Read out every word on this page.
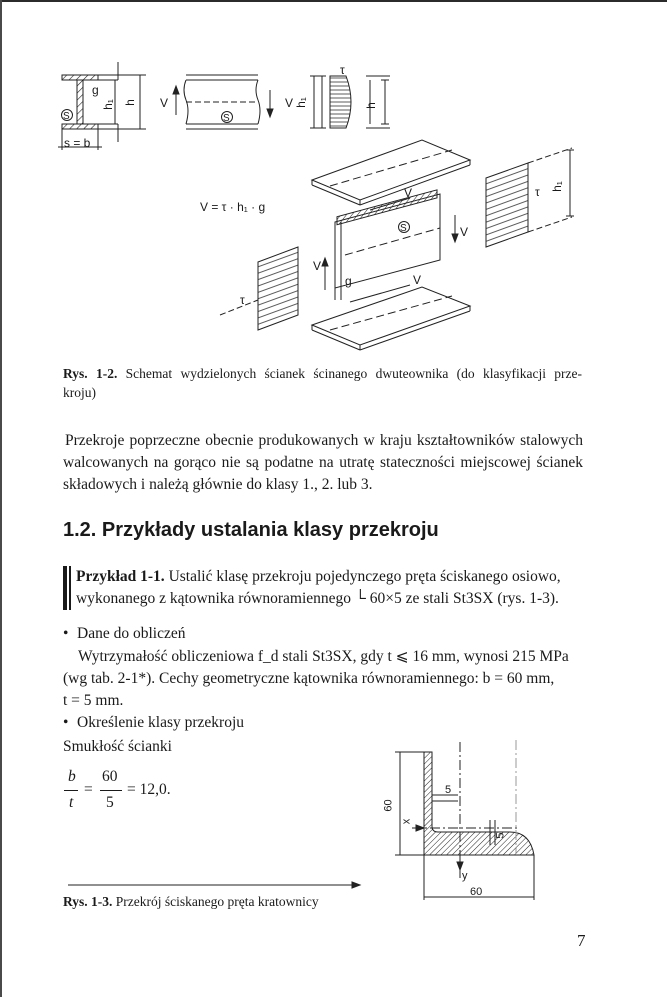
g
h₁ h
S
s = b
V
S
V h₁
τ
h
V = τ · h₁ · g
V
S	V
V
g	V
τ h₁
τ
Rys. 1-2. Schemat wydzielonych ścianek ścinanego dwuteownika (do klasyfikacji prze-
kroju)
Przekroje poprzeczne obecnie produkowanych w kraju kształtowników stalowych walcowanych na gorąco nie są podatne na utratę stateczności miejscowej ścianek składowych i należą głównie do klasy 1., 2. lub 3.
1.2. Przykłady ustalania klasy przekroju
Przykład 1-1. Ustalić klasę przekroju pojedynczego pręta ściskanego osiowo,
wykonanego z kątownika równoramiennego └ 60×5 ze stali St3SX (rys. 1-3).
• Dane do obliczeń
Wytrzymałość obliczeniowa f_d stali St3SX, gdy t ⩽ 16 mm, wynosi 215 MPa
(wg tab. 2-1*). Cechy geometryczne kątownika równoramiennego: b = 60 mm,
t = 5 mm.
• Określenie klasy przekroju
Smukłość ścianki
b
t
=
60
5
= 12,0.
60
5
5
x
y
60
Rys. 1-3. Przekrój ściskanego pręta kratownicy
7
